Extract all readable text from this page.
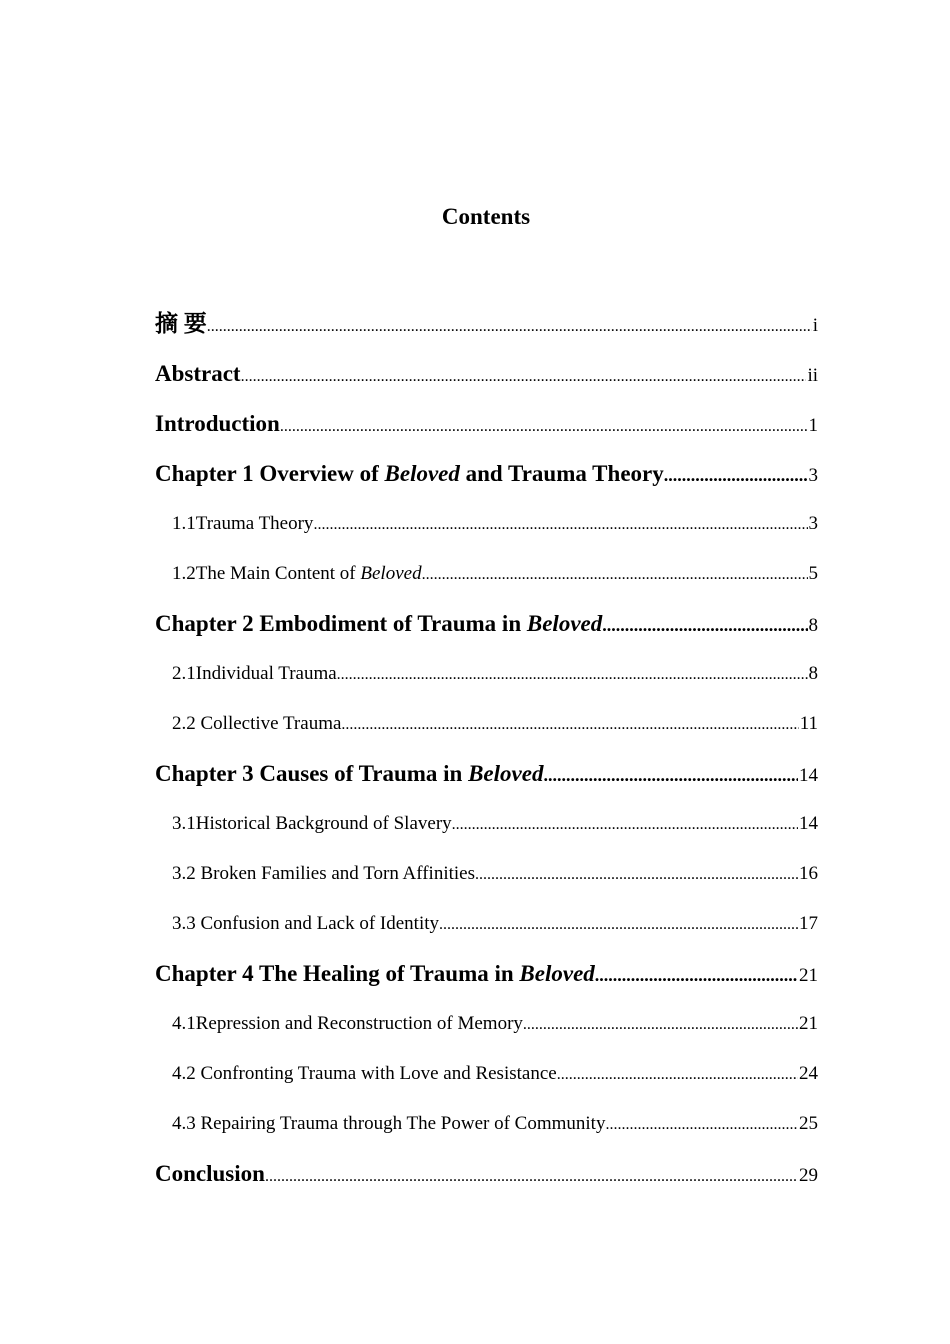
Contents
摘 要 .....	i
Abstract .....	ii
Introduction .....	1
Chapter 1 Overview of Beloved and Trauma Theory .....	3
1.1Trauma Theory .....	3
1.2The Main Content of Beloved .....	5
Chapter 2 Embodiment of Trauma in Beloved .....	8
2.1Individual Trauma .....	8
2.2 Collective Trauma .....	11
Chapter 3 Causes of Trauma in Beloved .....	14
3.1Historical Background of Slavery .....	14
3.2 Broken Families and Torn Affinities .....	16
3.3 Confusion and Lack of Identity .....	17
Chapter 4 The Healing of Trauma in Beloved .....	21
4.1Repression and Reconstruction of Memory .....	21
4.2 Confronting Trauma with Love and Resistance .....	24
4.3 Repairing Trauma through The Power of Community .....	25
Conclusion .....	29
